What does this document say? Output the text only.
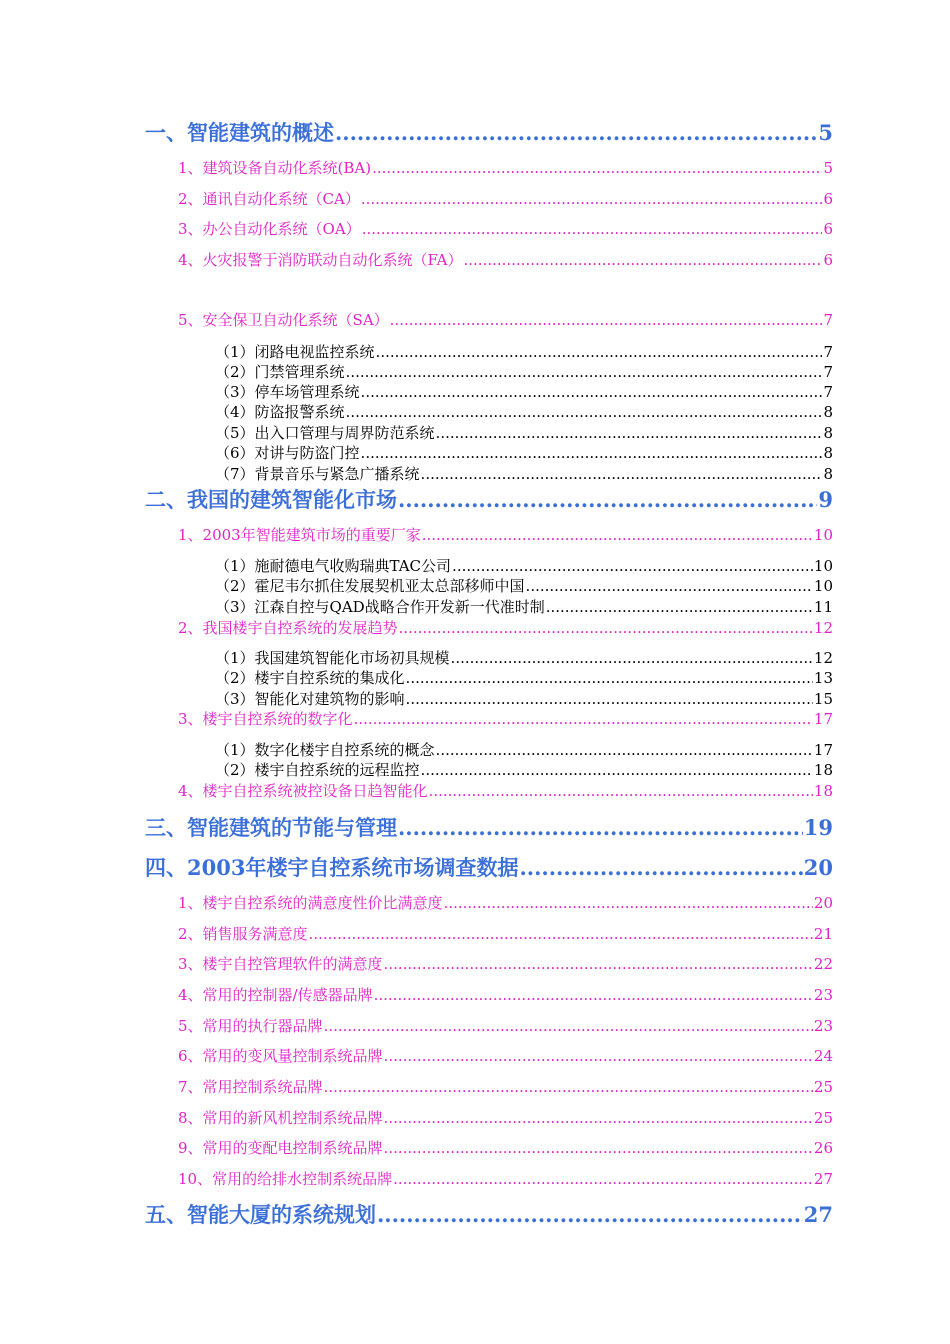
一、智能建筑的概述 .....	5
1、建筑设备自动化系统(BA) .....	5
2、通讯自动化系统（CA） .....	6
3、办公自动化系统（OA） .....	6
4、火灾报警于消防联动自动化系统（FA） .....	6
5、安全保卫自动化系统（SA） .....	7
（1）闭路电视监控系统 .....	7
（2）门禁管理系统 .....	7
（3）停车场管理系统 .....	7
（4）防盗报警系统 .....	8
（5）出入口管理与周界防范系统 .....	8
（6）对讲与防盗门控 .....	8
（7）背景音乐与紧急广播系统 .....	8
二、我国的建筑智能化市场 .....	9
1、2003年智能建筑市场的重要厂家 .....	10
（1）施耐德电气收购瑞典TAC公司 .....	10
（2）霍尼韦尔抓住发展契机亚太总部移师中国 .....	10
（3）江森自控与QAD战略合作开发新一代准时制 .....	11
2、我国楼宇自控系统的发展趋势 .....	12
（1）我国建筑智能化市场初具规模 .....	12
（2）楼宇自控系统的集成化 .....	13
（3）智能化对建筑物的影响 .....	15
3、楼宇自控系统的数字化 .....	17
（1）数字化楼宇自控系统的概念 .....	17
（2）楼宇自控系统的远程监控 .....	18
4、楼宇自控系统被控设备日趋智能化 .....	18
三、智能建筑的节能与管理 .....	19
四、2003年楼宇自控系统市场调查数据 .....	20
1、楼宇自控系统的满意度性价比满意度 .....	20
2、销售服务满意度 .....	21
3、楼宇自控管理软件的满意度 .....	22
4、常用的控制器/传感器品牌 .....	23
5、常用的执行器品牌 .....	23
6、常用的变风量控制系统品牌 .....	24
7、常用控制系统品牌 .....	25
8、常用的新风机控制系统品牌 .....	25
9、常用的变配电控制系统品牌 .....	26
10、常用的给排水控制系统品牌 .....	27
五、智能大厦的系统规划 .....	27
